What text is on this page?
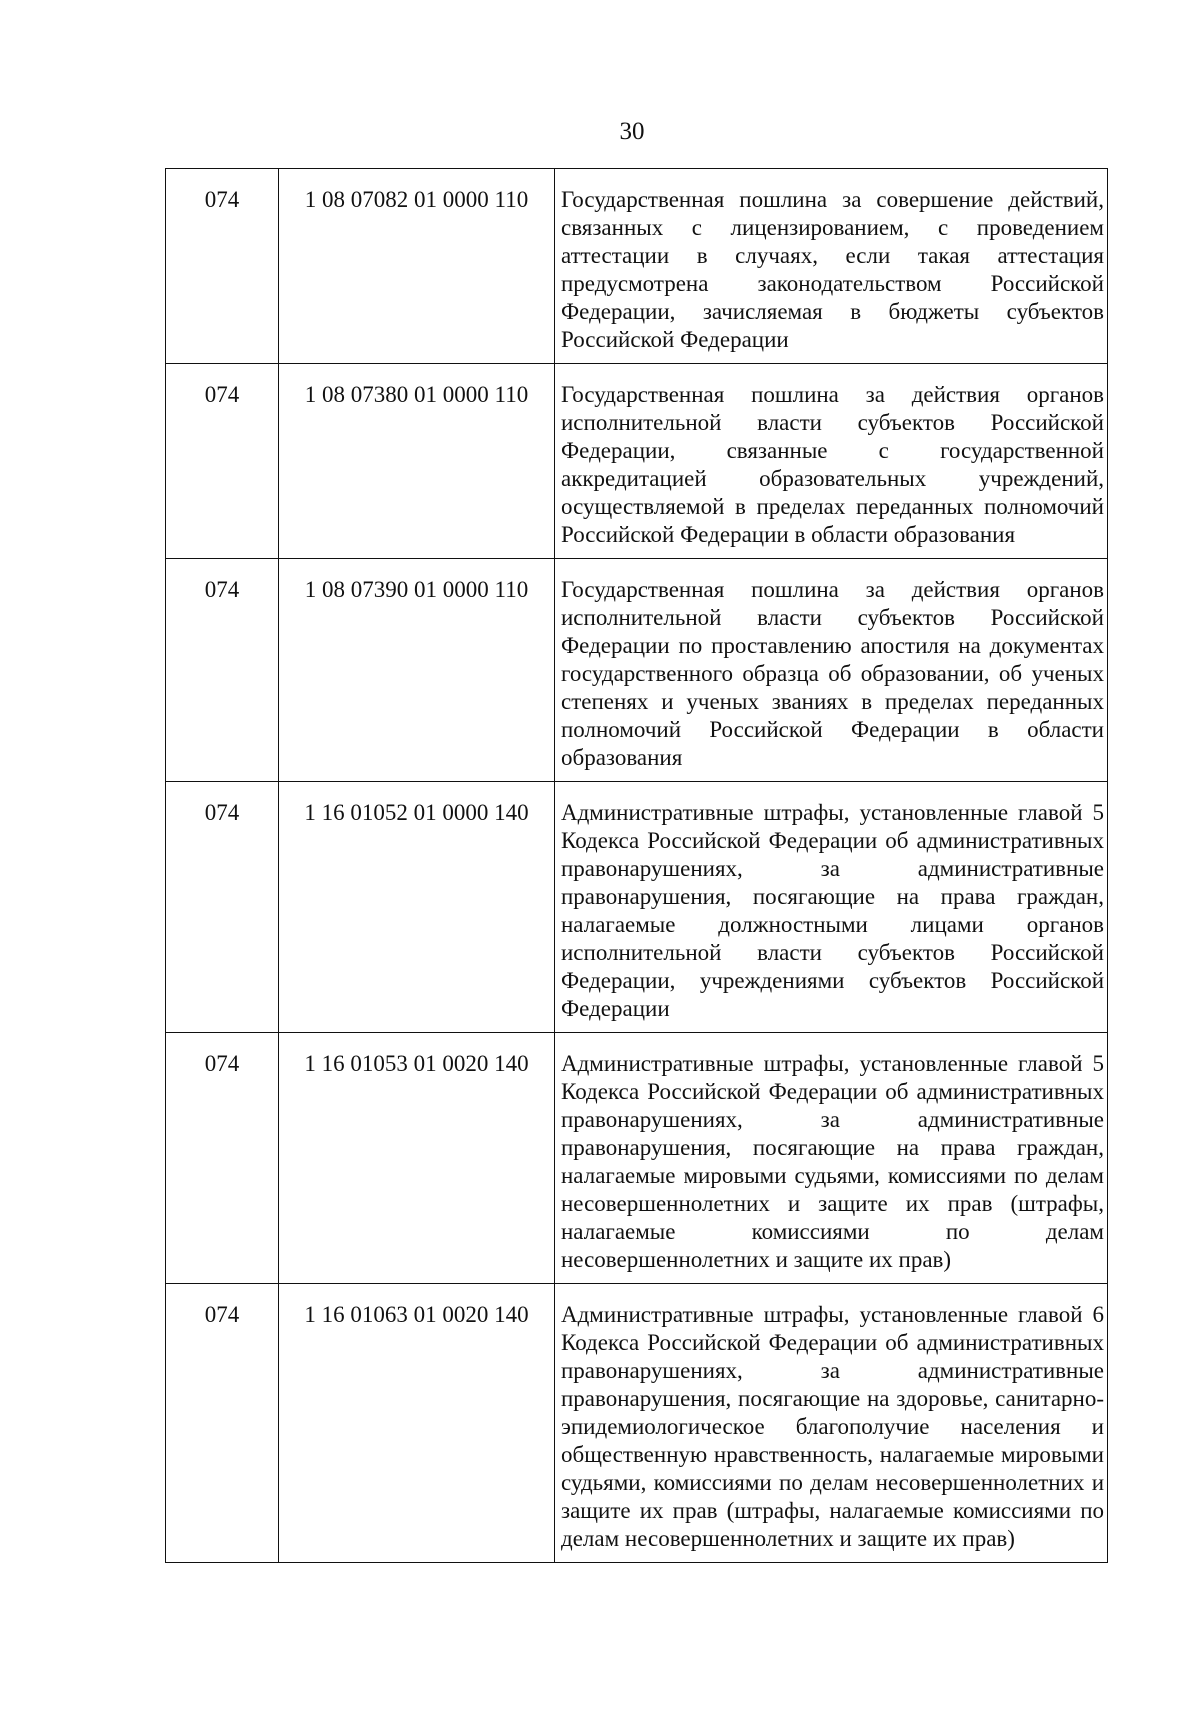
30
074	1 08 07082 01 0000 110	Государственная пошлина за совершение действий, связанных с лицензированием, с проведением аттестации в случаях, если такая аттестация предусмотрена законодательством Российской Федерации, зачисляемая в бюджеты субъектов Российской Федерации
074	1 08 07380 01 0000 110	Государственная пошлина за действия органов исполнительной власти субъектов Российской Федерации, связанные с государственной аккредитацией образовательных учреждений, осуществляемой в пределах переданных полномочий Российской Федерации в области образования
074	1 08 07390 01 0000 110	Государственная пошлина за действия органов исполнительной власти субъектов Российской Федерации по проставлению апостиля на документах государственного образца об образовании, об ученых степенях и ученых званиях в пределах переданных полномочий Российской Федерации в области образования
074	1 16 01052 01 0000 140	Административные штрафы, установленные главой 5 Кодекса Российской Федерации об административных правонарушениях, за административные правонарушения, посягающие на права граждан, налагаемые должностными лицами органов исполнительной власти субъектов Российской Федерации, учреждениями субъектов Российской Федерации
074	1 16 01053 01 0020 140	Административные штрафы, установленные главой 5 Кодекса Российской Федерации об административных правонарушениях, за административные правонарушения, посягающие на права граждан, налагаемые мировыми судьями, комиссиями по делам несовершеннолетних и защите их прав (штрафы, налагаемые комиссиями по делам несовершеннолетних и защите их прав)
074	1 16 01063 01 0020 140	Административные штрафы, установленные главой 6 Кодекса Российской Федерации об административных правонарушениях, за административные правонарушения, посягающие на здоровье, санитарно-эпидемиологическое благополучие населения и общественную нравственность, налагаемые мировыми судьями, комиссиями по делам несовершеннолетних и защите их прав (штрафы, налагаемые комиссиями по делам несовершеннолетних и защите их прав)
